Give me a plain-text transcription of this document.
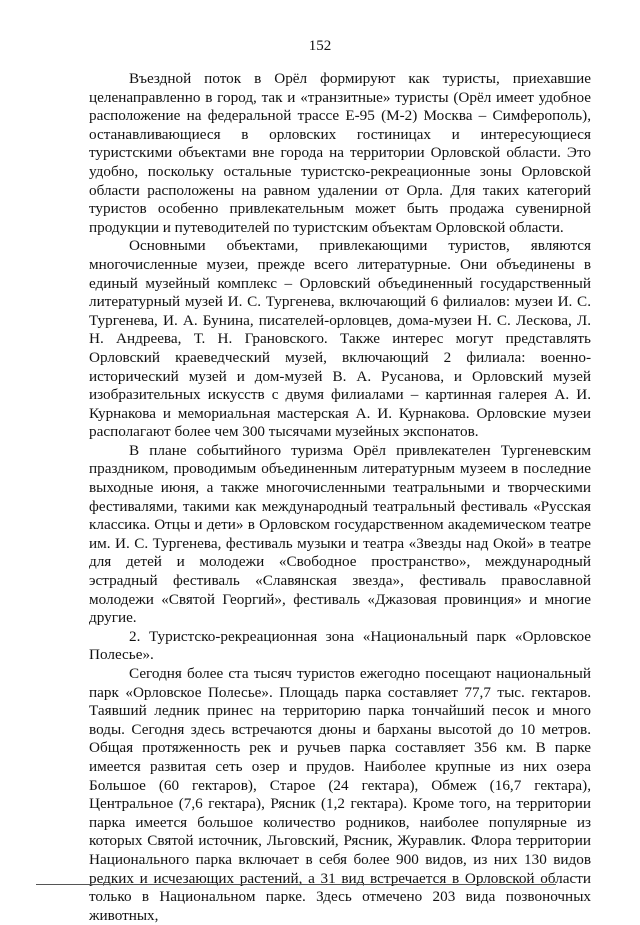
152

Въездной поток в Орёл формируют как туристы, приехавшие целенаправленно в город, так и «транзитные» туристы (Орёл имеет удобное расположение на федеральной трассе Е-95 (М-2) Москва – Симферополь), останавливающиеся в орловских гостиницах и интересующиеся туристскими объектами вне города на территории Орловской области. Это удобно, поскольку остальные туристско-рекреационные зоны Орловской области расположены на равном удалении от Орла. Для таких категорий туристов особенно привлекательным может быть продажа сувенирной продукции и путеводителей по туристским объектам Орловской области.

Основными объектами, привлекающими туристов, являются многочисленные музеи, прежде всего литературные. Они объединены в единый музейный комплекс – Орловский объединенный государственный литературный музей И. С. Тургенева, включающий 6 филиалов: музеи И. С. Тургенева, И. А. Бунина, писателей-орловцев, дома-музеи Н. С. Лескова, Л. Н. Андреева, Т. Н. Грановского. Также интерес могут представлять Орловский краеведческий музей, включающий 2 филиала: военно-исторический музей и дом-музей В. А. Русанова, и Орловский музей изобразительных искусств с двумя филиалами – картинная галерея А. И. Курнакова и мемориальная мастерская А. И. Курнакова. Орловские музеи располагают более чем 300 тысячами музейных экспонатов.

В плане событийного туризма Орёл привлекателен Тургеневским праздником, проводимым объединенным литературным музеем в последние выходные июня, а также многочисленными театральными и творческими фестивалями, такими как международный театральный фестиваль «Русская классика. Отцы и дети» в Орловском государственном академическом театре им. И. С. Тургенева, фестиваль музыки и театра «Звезды над Окой» в театре для детей и молодежи «Свободное пространство», международный эстрадный фестиваль «Славянская звезда», фестиваль православной молодежи «Святой Георгий», фестиваль «Джазовая провинция» и многие другие.

2. Туристско-рекреационная зона «Национальный парк «Орловское Полесье».

Сегодня более ста тысяч туристов ежегодно посещают национальный парк «Орловское Полесье». Площадь парка составляет 77,7 тыс. гектаров. Таявший ледник принес на территорию парка тончайший песок и много воды. Сегодня здесь встречаются дюны и барханы высотой до 10 метров. Общая протяженность рек и ручьев парка составляет 356 км. В парке имеется развитая сеть озер и прудов. Наиболее крупные из них озера Большое (60 гектаров), Старое (24 гектара), Обмеж (16,7 гектара), Центральное (7,6 гектара), Рясник (1,2 гектара). Кроме того, на территории парка имеется большое количество родников, наиболее популярные из которых Святой источник, Льговский, Рясник, Журавлик. Флора территории Национального парка включает в себя более 900 видов, из них 130 видов редких и исчезающих растений, а 31 вид встречается в Орловской области только в Национальном парке. Здесь отмечено 203 вида позвоночных животных,
